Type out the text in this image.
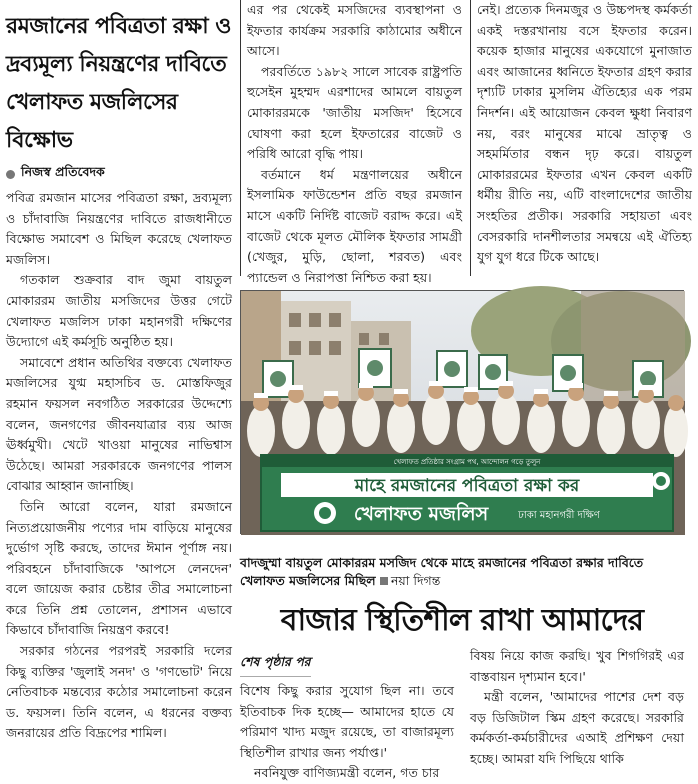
রমজানের পবিত্রতা রক্ষা ও দ্রব্যমূল্য নিয়ন্ত্রণের দাবিতে খেলাফত মজলিসের বিক্ষোভ
নিজস্ব প্রতিবেদক

পবিত্র রমজান মাসের পবিত্রতা রক্ষা, দ্রব্যমূল্য ও চাঁদাবাজি নিয়ন্ত্রণের দাবিতে রাজধানীতে বিক্ষোভ সমাবেশ ও মিছিল করেছে খেলাফত মজলিস।

গতকাল শুক্রবার বাদ জুমা বায়তুল মোকাররম জাতীয় মসজিদের উত্তর গেটে খেলাফত মজলিস ঢাকা মহানগরী দক্ষিণের উদ্যোগে এই কর্মসূচি অনুষ্ঠিত হয়।

সমাবেশে প্রধান অতিথির বক্তব্যে খেলাফত মজলিসের যুগ্ম মহাসচিব ড. মোস্তফিজুর রহমান ফয়সল নবগঠিত সরকারের উদ্দেশ্যে বলেন, জনগণের জীবনযাত্রার ব্যয় আজ ঊর্ধ্বমুখী। খেটে খাওয়া মানুষের নাভিশ্বাস উঠেছে। আমরা সরকারকে জনগণের পালস বোঝার আহ্বান জানাচ্ছি।

তিনি আরো বলেন, যারা রমজানে নিত্যপ্রয়োজনীয় পণ্যের দাম বাড়িয়ে মানুষের দুর্ভোগ সৃষ্টি করছে, তাদের ঈমান পূর্ণাঙ্গ নয়। পরিবহনে চাঁদাবাজিকে 'আপসে লেনদেন' বলে জায়েজ করার চেষ্টার তীব্র সমালোচনা করে তিনি প্রশ্ন তোলেন, প্রশাসন এভাবে কিভাবে চাঁদাবাজি নিয়ন্ত্রণ করবে!

সরকার গঠনের পরপরই সরকারি দলের কিছু ব্যক্তির 'জুলাই সনদ' ও 'গণভোট' নিয়ে নেতিবাচক মন্তব্যের কঠোর সমালোচনা করেন ড. ফয়সল। তিনি বলেন, এ ধরনের বক্তব্য জনরায়ের প্রতি বিদ্রূপের শামিল।

এর পর থেকেই মসজিদের ব্যবস্থাপনা ও ইফতার কার্যক্রম সরকারি কাঠামোর অধীনে আসে।

পরবর্তিতে ১৯৮২ সালে সাবেক রাষ্ট্রপতি হুসেইন মুহম্মদ এরশাদের আমলে বায়তুল মোকাররমকে 'জাতীয় মসজিদ' হিসেবে ঘোষণা করা হলে ইফতারের বাজেট ও পরিধি আরো বৃদ্ধি পায়।

বর্তমানে ধর্ম মন্ত্রণালয়ের অধীনে ইসলামিক ফাউন্ডেশন প্রতি বছর রমজান মাসে একটি নির্দিষ্ট বাজেট বরাদ্দ করে। এই বাজেট থেকে মূলত মৌলিক ইফতার সামগ্রী (খেজুর, মুড়ি, ছোলা, শরবত) এবং প্যান্ডেল ও নিরাপত্তা নিশ্চিত করা হয়।

নেই। প্রত্যেক দিনমজুর ও উচ্চপদস্থ কর্মকর্তা একই দস্তরখানায় বসে ইফতার করেন। কয়েক হাজার মানুষের একযোগে মুনাজাত এবং আজানের ধ্বনিতে ইফতার গ্রহণ করার দৃশ্যটি ঢাকার মুসলিম ঐতিহ্যের এক পরম নিদর্শন। এই আয়োজন কেবল ক্ষুধা নিবারণ নয়, বরং মানুষের মাঝে ভ্রাতৃত্ব ও সহমর্মিতার বন্ধন দৃঢ় করে। বায়তুল মোকাররমের ইফতার এখন কেবল একটি ধর্মীয় রীতি নয়, এটি বাংলাদেশের জাতীয় সংহতির প্রতীক। সরকারি সহায়তা এবং বেসরকারি দানশীলতার সমন্বয়ে এই ঐতিহ্য যুগ যুগ ধরে টিকে আছে।

খেলাফত প্রতিষ্ঠার সংগ্রাম পথ, আন্দোলন গড়ে তুলুন
মাহে রমজানের পবিত্রতা রক্ষা কর
খেলাফত মজলিস	ঢাকা মহানগরী দক্ষিণ

বাদজুম্মা বায়তুল মোকাররম মসজিদ থেকে মাহে রমজানের পবিত্রতা রক্ষার দাবিতে খেলাফত মজলিসের মিছিল নয়া দিগন্ত

বাজার স্থিতিশীল রাখা আমাদের
শেষ পৃষ্ঠার পর

বিশেষ কিছু করার সুযোগ ছিল না। তবে ইতিবাচক দিক হচ্ছে— আমাদের হাতে যে পরিমাণ খাদ্য মজুদ রয়েছে, তা বাজারমূল্য স্থিতিশীল রাখার জন্য পর্যাপ্ত।'

নবনিযুক্ত বাণিজ্যমন্ত্রী বলেন, গত চার

বিষয় নিয়ে কাজ করছি। খুব শিগগিরই এর বাস্তবায়ন দৃশ্যমান হবে।'

মন্ত্রী বলেন, 'আমাদের পাশের দেশ বড় বড় ডিজিটাল স্কিম গ্রহণ করেছে। সরকারি কর্মকর্তা-কর্মচারীদের এআই প্রশিক্ষণ দেয়া হচ্ছে। আমরা যদি পিছিয়ে থাকি
